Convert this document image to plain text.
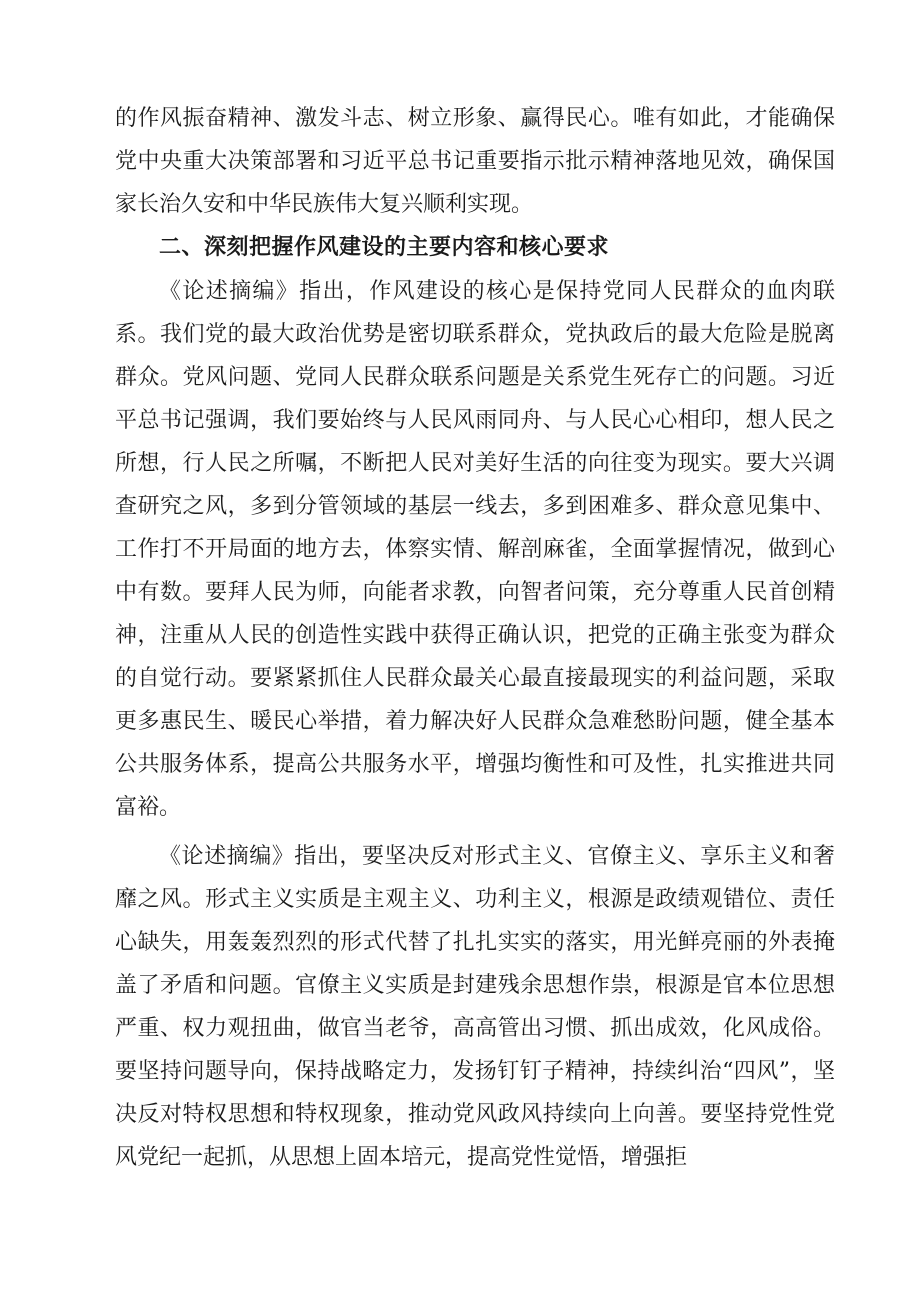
的作风振奋精神、激发斗志、树立形象、赢得民心。唯有如此，才能确保党中央重大决策部署和习近平总书记重要指示批示精神落地见效，确保国家长治久安和中华民族伟大复兴顺利实现。

二、深刻把握作风建设的主要内容和核心要求

《论述摘编》指出，作风建设的核心是保持党同人民群众的血肉联系。我们党的最大政治优势是密切联系群众，党执政后的最大危险是脱离群众。党风问题、党同人民群众联系问题是关系党生死存亡的问题。习近平总书记强调，我们要始终与人民风雨同舟、与人民心心相印，想人民之所想，行人民之所嘱，不断把人民对美好生活的向往变为现实。要大兴调查研究之风，多到分管领域的基层一线去，多到困难多、群众意见集中、工作打不开局面的地方去，体察实情、解剖麻雀，全面掌握情况，做到心中有数。要拜人民为师，向能者求教，向智者问策，充分尊重人民首创精神，注重从人民的创造性实践中获得正确认识，把党的正确主张变为群众的自觉行动。要紧紧抓住人民群众最关心最直接最现实的利益问题，采取更多惠民生、暖民心举措，着力解决好人民群众急难愁盼问题，健全基本公共服务体系，提高公共服务水平，增强均衡性和可及性，扎实推进共同富裕。

《论述摘编》指出，要坚决反对形式主义、官僚主义、享乐主义和奢靡之风。形式主义实质是主观主义、功利主义，根源是政绩观错位、责任心缺失，用轰轰烈烈的形式代替了扎扎实实的落实，用光鲜亮丽的外表掩盖了矛盾和问题。官僚主义实质是封建残余思想作祟，根源是官本位思想严重、权力观扭曲，做官当老爷，高高管出习惯、抓出成效，化风成俗。要坚持问题导向，保持战略定力，发扬钉钉子精神，持续纠治“四风”，坚决反对特权思想和特权现象，推动党风政风持续向上向善。要坚持党性党风党纪一起抓，从思想上固本培元，提高党性觉悟，增强拒
